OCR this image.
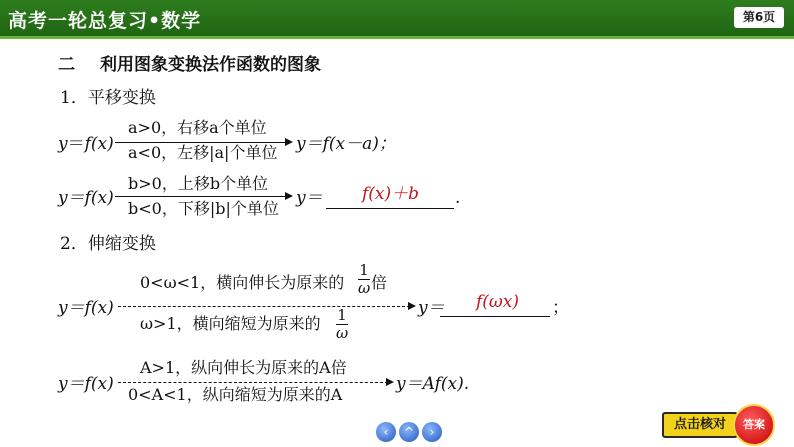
高考一轮总复习•数学	第6页
二 利用图象变换法作函数的图象
1．平移变换
y＝f(x)
a>0，右移a个单位
a<0，左移|a|个单位 y＝f(x－a)；
y＝f(x)
b>0，上移b个单位
b<0，下移|b|个单位
y＝ f(x)＋b .
2．伸缩变换
y＝f(x)
0<ω<1，横向伸长为原来的
1
ω 倍
ω>1，横向缩短为原来的 1
ω
y＝ f(ωx) ；
y＝f(x)
A>1，纵向伸长为原来的A倍
0<A<1，纵向缩短为原来的A
y＝Af(x).
‹	^	›	点击核对	答案
